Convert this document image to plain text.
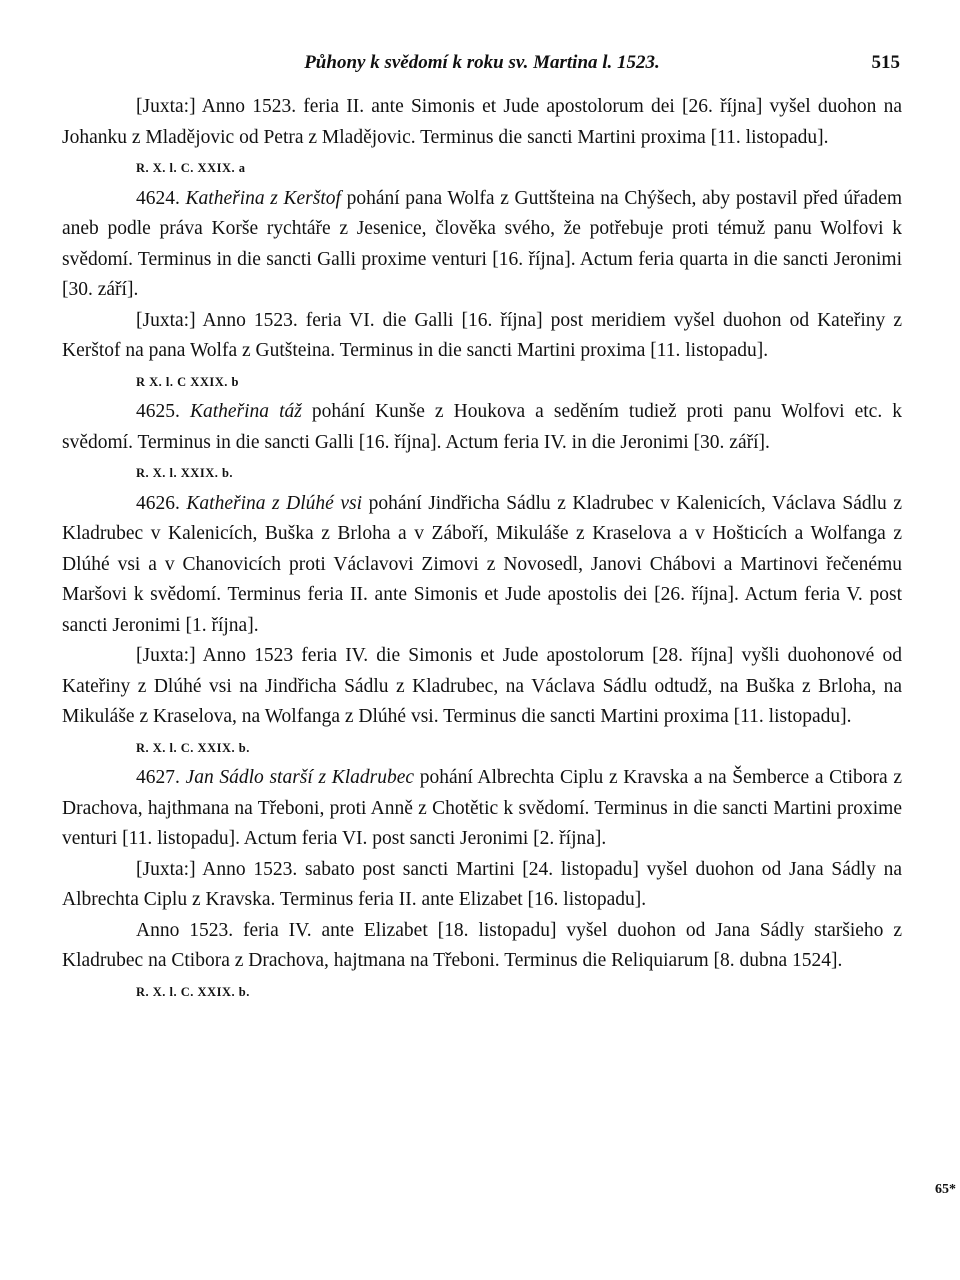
Půhony k svědomí k roku sv. Martina l. 1523.	515

[Juxta:] Anno 1523. feria II. ante Simonis et Jude apostolorum dei [26. října] vyšel duohon na Johanku z Mladějovic od Petra z Mladějovic. Terminus die sancti Martini proxima [11. listopadu].

R. X. l. C. XXIX. a

4624. Katheřina z Kerštof pohání pana Wolfa z Guttšteina na Chýšech, aby postavil před úřadem aneb podle práva Korše rychtáře z Jesenice, člověka svého, že potřebuje proti témuž panu Wolfovi k svědomí. Terminus in die sancti Galli proxime venturi [16. října]. Actum feria quarta in die sancti Jeronimi [30. září].

[Juxta:] Anno 1523. feria VI. die Galli [16. října] post meridiem vyšel duohon od Kateřiny z Kerštof na pana Wolfa z Gutšteina. Terminus in die sancti Martini proxima [11. listopadu].

R X. l. C XXIX. b

4625. Katheřina táž pohání Kunše z Houkova a seděním tudiež proti panu Wolfovi etc. k svědomí. Terminus in die sancti Galli [16. října]. Actum feria IV. in die Jeronimi [30. září].

R. X. l. XXIX. b.

4626. Katheřina z Dlúhé vsi pohání Jindřicha Sádlu z Kladrubec v Kalenicích, Václava Sádlu z Kladrubec v Kalenicích, Buška z Brloha a v Záboří, Mikuláše z Kraselova a v Hošticích a Wolfanga z Dlúhé vsi a v Chanovicích proti Václavovi Zimovi z Novosedl, Janovi Chábovi a Martinovi řečenému Maršovi k svědomí. Terminus feria II. ante Simonis et Jude apostolis dei [26. října]. Actum feria V. post sancti Jeronimi [1. října].

[Juxta:] Anno 1523 feria IV. die Simonis et Jude apostolorum [28. října] vyšli duohonové od Kateřiny z Dlúhé vsi na Jindřicha Sádlu z Kladrubec, na Václava Sádlu odtudž, na Buška z Brloha, na Mikuláše z Kraselova, na Wolfanga z Dlúhé vsi. Terminus die sancti Martini proxima [11. listopadu].

R. X. l. C. XXIX. b.

4627. Jan Sádlo starší z Kladrubec pohání Albrechta Ciplu z Kravska a na Šemberce a Ctibora z Drachova, hajthmana na Třeboni, proti Anně z Chotětic k svědomí. Terminus in die sancti Martini proxime venturi [11. listopadu]. Actum feria VI. post sancti Jeronimi [2. října].

[Juxta:] Anno 1523. sabato post sancti Martini [24. listopadu] vyšel duohon od Jana Sádly na Albrechta Ciplu z Kravska. Terminus feria II. ante Elizabet [16. listopadu].

Anno 1523. feria IV. ante Elizabet [18. listopadu] vyšel duohon od Jana Sádly staršieho z Kladrubec na Ctibora z Drachova, hajtmana na Třeboni. Terminus die Reliquiarum [8. dubna 1524].

R. X. l. C. XXIX. b.
65*
